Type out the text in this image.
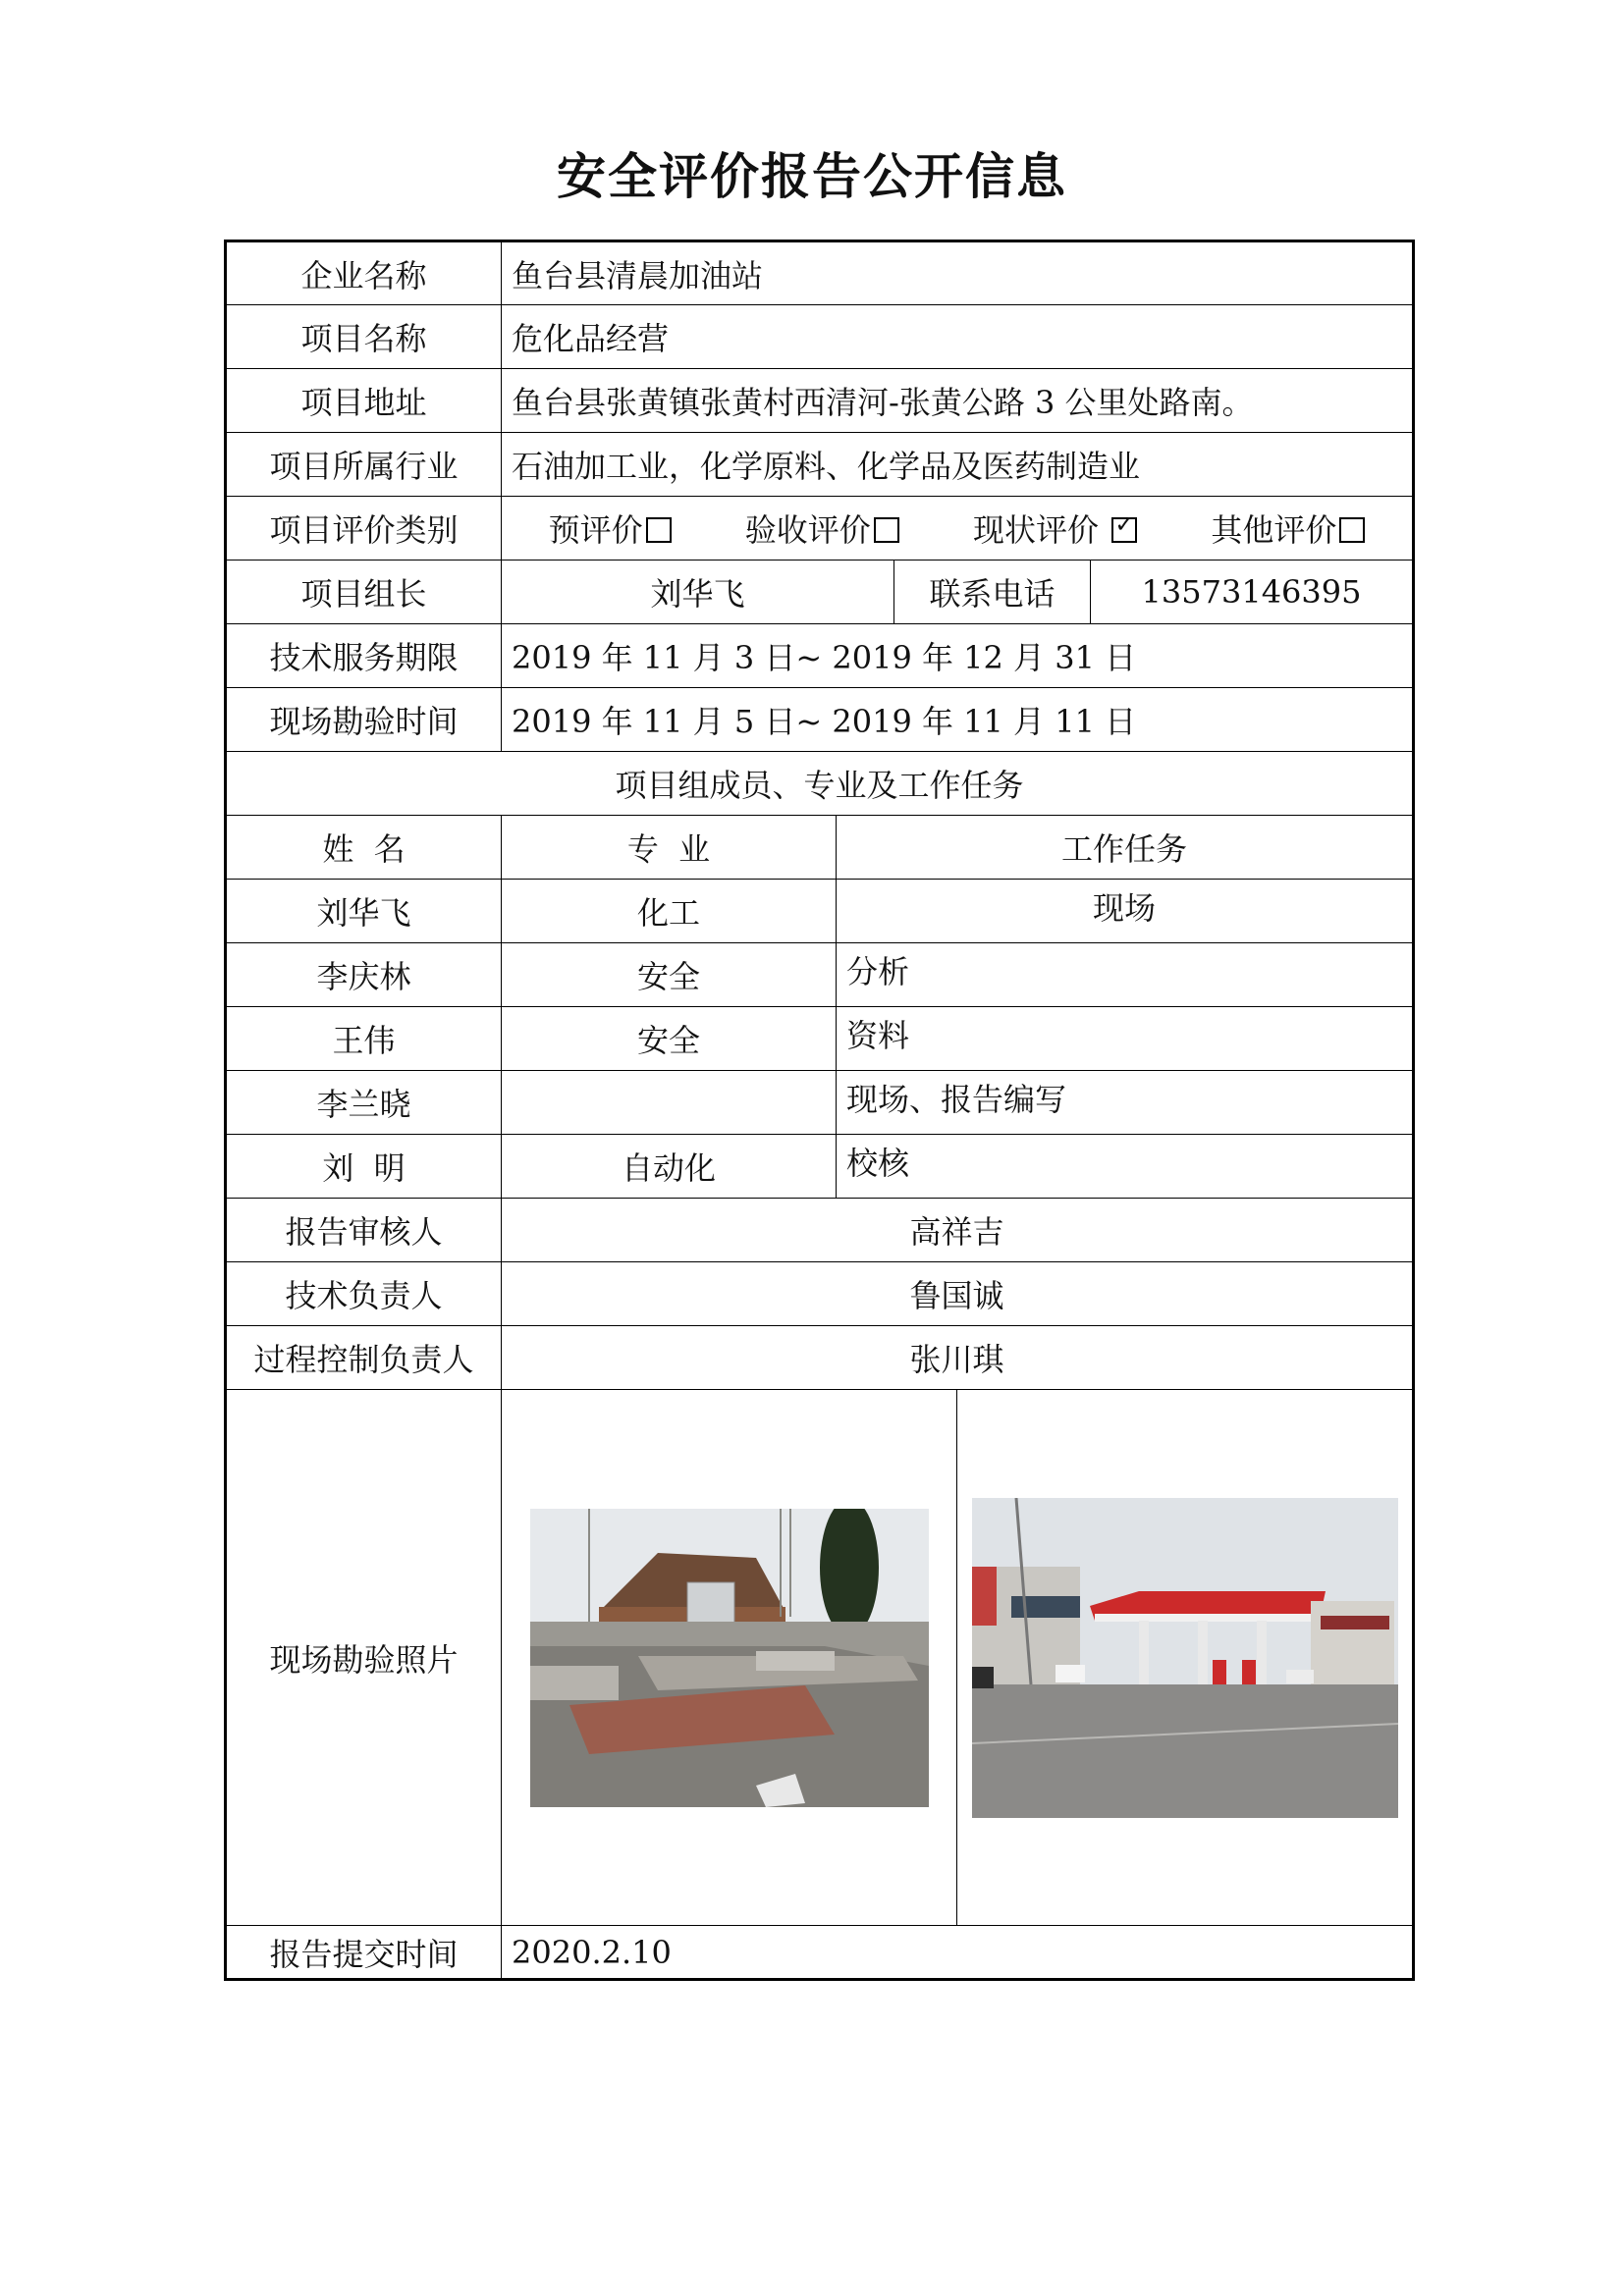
安全评价报告公开信息
企业名称	鱼台县清晨加油站			
项目名称	危化品经营			
项目地址	鱼台县张黄镇张黄村西清河-张黄公路 3 公里处路南。			
项目所属行业	石油加工业，化学原料、化学品及医药制造业			
项目评价类别	预评价 验收评价 现状评价 ✓ 其他评价

项目组长	刘华飞		联系电话	13573146395
技术服务期限	2019 年 11 月 3 日~ 2019 年 12 月 31 日			
现场勘验时间	2019 年 11 月 5 日~ 2019 年 11 月 11 日			
项目组成员、专业及工作任务				
姓  名	专  业	工作任务		
刘华飞	化工	现场		
李庆林	安全	分析		
王伟	安全	资料		
李兰晓		现场、报告编写		
刘  明	自动化	校核		
报告审核人	高祥吉			
技术负责人	鲁国诚			
过程控制负责人	张川琪			
现场勘验照片	

报告提交时间	2020.2.10			
